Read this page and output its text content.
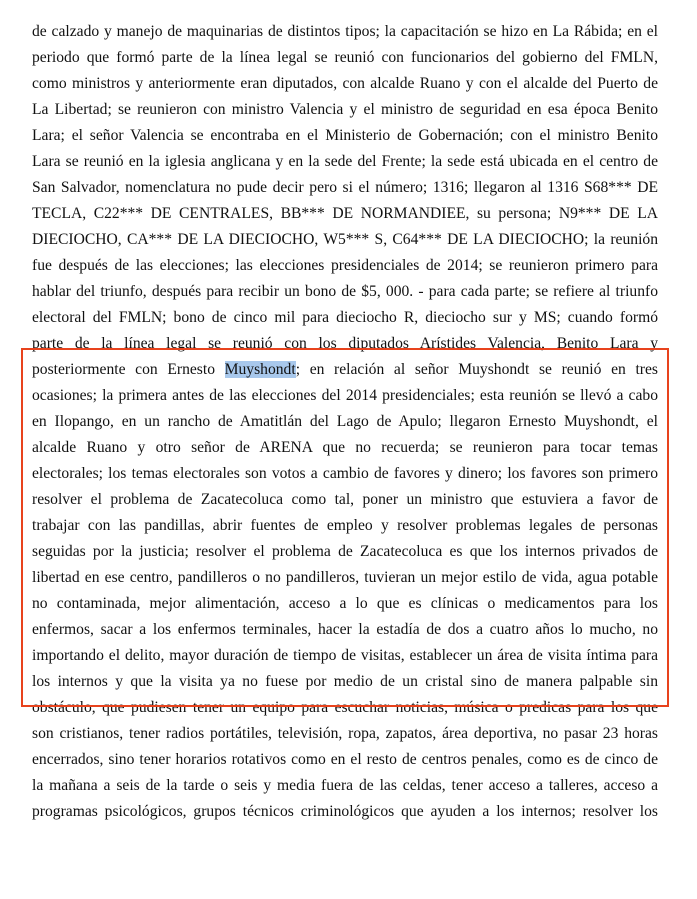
de calzado y manejo de maquinarias de distintos tipos; la capacitación se hizo en La Rábida; en el
periodo que formó parte de la línea legal se reunió con funcionarios del gobierno del FMLN,
como ministros y anteriormente eran diputados, con alcalde Ruano y con el alcalde del Puerto de
La Libertad; se reunieron con ministro Valencia y el ministro de seguridad en esa época Benito
Lara; el señor Valencia se encontraba en el Ministerio de Gobernación; con el ministro Benito
Lara se reunió en la iglesia anglicana y en la sede del Frente; la sede está ubicada en el centro de
San Salvador, nomenclatura no pude decir pero si el número; 1316; llegaron al 1316 S68*** DE
TECLA, C22*** DE CENTRALES, BB*** DE NORMANDIEE, su persona; N9*** DE LA
DIECIOCHO, CA*** DE LA DIECIOCHO, W5*** S, C64*** DE LA DIECIOCHO; la reunión
fue después de las elecciones; las elecciones presidenciales de 2014; se reunieron primero para
hablar del triunfo, después para recibir un bono de $5, 000. - para cada parte; se refiere al triunfo
electoral del FMLN; bono de cinco mil para dieciocho R, dieciocho sur y MS; cuando formó
parte de la línea legal se reunió con los diputados Arístides Valencia, Benito Lara y
posteriormente con Ernesto Muyshondt; en relación al señor Muyshondt se reunió en tres
ocasiones; la primera antes de las elecciones del 2014 presidenciales; esta reunión se llevó a cabo
en Ilopango, en un rancho de Amatitlán del Lago de Apulo; llegaron Ernesto Muyshondt, el
alcalde Ruano y otro señor de ARENA que no recuerda; se reunieron para tocar temas
electorales; los temas electorales son votos a cambio de favores y dinero; los favores son primero
resolver el problema de Zacatecoluca como tal, poner un ministro que estuviera a favor de
trabajar con las pandillas, abrir fuentes de empleo y resolver problemas legales de personas
seguidas por la justicia; resolver el problema de Zacatecoluca es que los internos privados de
libertad en ese centro, pandilleros o no pandilleros, tuvieran un mejor estilo de vida, agua potable
no contaminada, mejor alimentación, acceso a lo que es clínicas o medicamentos para los
enfermos, sacar a los enfermos terminales, hacer la estadía de dos a cuatro años lo mucho, no
importando el delito, mayor duración de tiempo de visitas, establecer un área de visita íntima para
los internos y que la visita ya no fuese por medio de un cristal sino de manera palpable sin
obstáculo, que pudiesen tener un equipo para escuchar noticias, música o predicas para los que
son cristianos, tener radios portátiles, televisión, ropa, zapatos, área deportiva, no pasar 23 horas
encerrados, sino tener horarios rotativos como en el resto de centros penales, como es de cinco de
la mañana a seis de la tarde o seis y media fuera de las celdas, tener acceso a talleres, acceso a
programas psicológicos, grupos técnicos criminológicos que ayuden a los internos; resolver los
